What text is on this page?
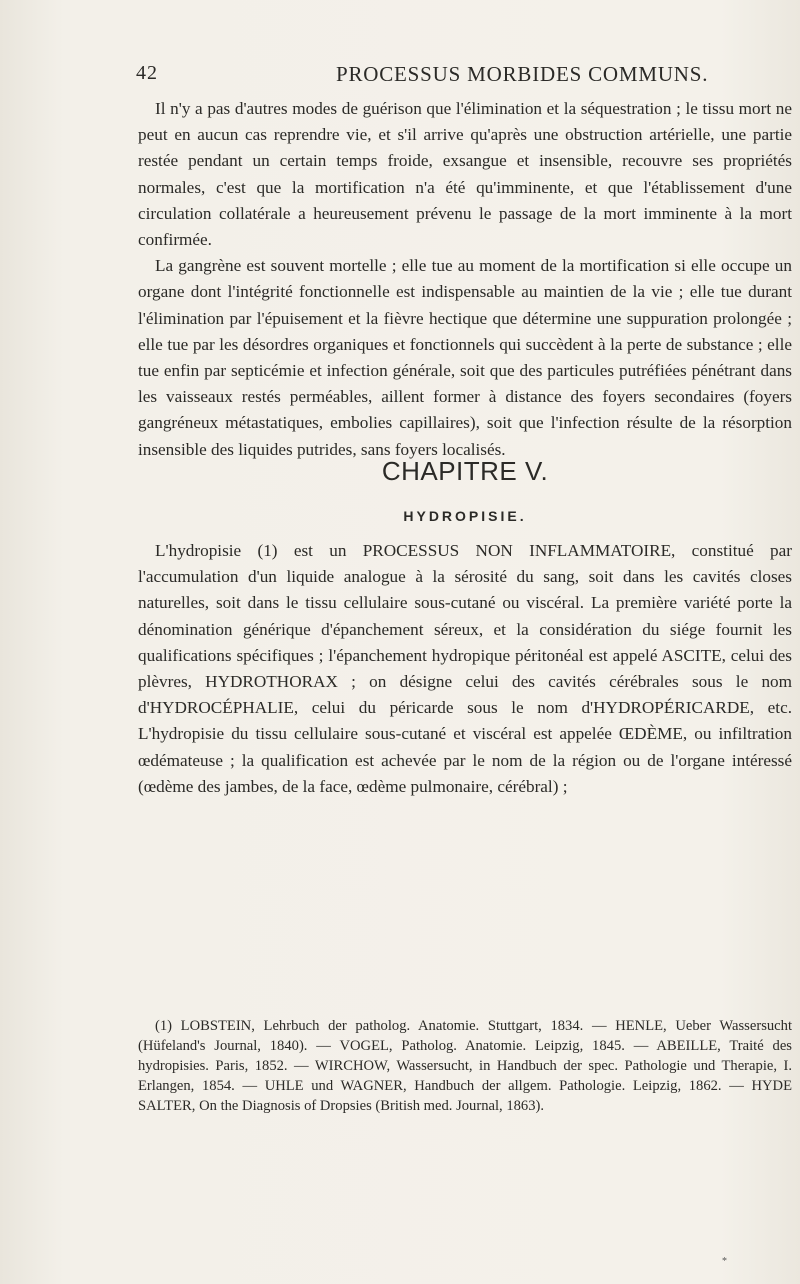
42	PROCESSUS MORBIDES COMMUNS.

Il n'y a pas d'autres modes de guérison que l'élimination et la séquestration ; le tissu mort ne peut en aucun cas reprendre vie, et s'il arrive qu'après une obstruction artérielle, une partie restée pendant un certain temps froide, exsangue et insensible, recouvre ses propriétés normales, c'est que la mortification n'a été qu'imminente, et que l'établissement d'une circulation collatérale a heureusement prévenu le passage de la mort imminente à la mort confirmée.

La gangrène est souvent mortelle ; elle tue au moment de la mortification si elle occupe un organe dont l'intégrité fonctionnelle est indispensable au maintien de la vie ; elle tue durant l'élimination par l'épuisement et la fièvre hectique que détermine une suppuration prolongée ; elle tue par les désordres organiques et fonctionnels qui succèdent à la perte de substance ; elle tue enfin par septicémie et infection générale, soit que des particules putréfiées pénétrant dans les vaisseaux restés perméables, aillent former à distance des foyers secondaires (foyers gangréneux métastatiques, embolies capillaires), soit que l'infection résulte de la résorption insensible des liquides putrides, sans foyers localisés.

CHAPITRE V.
HYDROPISIE.

L'hydropisie (1) est un PROCESSUS NON INFLAMMATOIRE, constitué par l'accumulation d'un liquide analogue à la sérosité du sang, soit dans les cavités closes naturelles, soit dans le tissu cellulaire sous-cutané ou viscéral. La première variété porte la dénomination générique d'épanchement séreux, et la considération du siége fournit les qualifications spécifiques ; l'épanchement hydropique péritonéal est appelé ASCITE, celui des plèvres, HYDROTHORAX ; on désigne celui des cavités cérébrales sous le nom d'HYDROCÉPHALIE, celui du péricarde sous le nom d'HYDROPÉRICARDE, etc. L'hydropisie du tissu cellulaire sous-cutané et viscéral est appelée ŒDÈME, ou infiltration œdémateuse ; la qualification est achevée par le nom de la région ou de l'organe intéressé (œdème des jambes, de la face, œdème pulmonaire, cérébral) ;

(1) LOBSTEIN, Lehrbuch der patholog. Anatomie. Stuttgart, 1834. — HENLE, Ueber Wassersucht (Hüfeland's Journal, 1840). — VOGEL, Patholog. Anatomie. Leipzig, 1845. — ABEILLE, Traité des hydropisies. Paris, 1852. — WIRCHOW, Wassersucht, in Handbuch der spec. Pathologie und Therapie, I. Erlangen, 1854. — UHLE und WAGNER, Handbuch der allgem. Pathologie. Leipzig, 1862. — HYDE SALTER, On the Diagnosis of Dropsies (British med. Journal, 1863).

*
